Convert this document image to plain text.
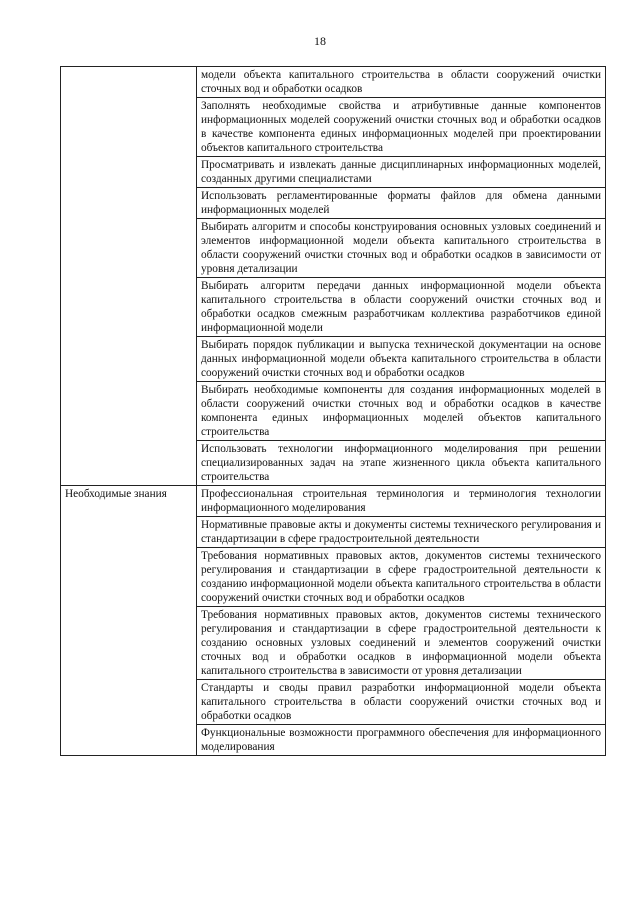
18
	модели объекта капитального строительства в области сооружений очистки сточных вод и обработки осадков
	Заполнять необходимые свойства и атрибутивные данные компонентов информационных моделей сооружений очистки сточных вод и обработки осадков в качестве компонента единых информационных моделей при проектировании объектов капитального строительства
	Просматривать и извлекать данные дисциплинарных информационных моделей, созданных другими специалистами
	Использовать регламентированные форматы файлов для обмена данными информационных моделей
	Выбирать алгоритм и способы конструирования основных узловых соединений и элементов информационной модели объекта капитального строительства в области сооружений очистки сточных вод и обработки осадков в зависимости от уровня детализации
	Выбирать алгоритм передачи данных информационной модели объекта капитального строительства в области сооружений очистки сточных вод и обработки осадков смежным разработчикам коллектива разработчиков единой информационной модели
	Выбирать порядок публикации и выпуска технической документации на основе данных информационной модели объекта капитального строительства в области сооружений очистки сточных вод и обработки осадков
	Выбирать необходимые компоненты для создания информационных моделей в области сооружений очистки сточных вод и обработки осадков в качестве компонента единых информационных моделей объектов капитального строительства
	Использовать технологии информационного моделирования при решении специализированных задач на этапе жизненного цикла объекта капитального строительства
Необходимые знания	Профессиональная строительная терминология и терминология технологии информационного моделирования
	Нормативные правовые акты и документы системы технического регулирования и стандартизации в сфере градостроительной деятельности
	Требования нормативных правовых актов, документов системы технического регулирования и стандартизации в сфере градостроительной деятельности к созданию информационной модели объекта капитального строительства в области сооружений очистки сточных вод и обработки осадков
	Требования нормативных правовых актов, документов системы технического регулирования и стандартизации в сфере градостроительной деятельности к созданию основных узловых соединений и элементов сооружений очистки сточных вод и обработки осадков в информационной модели объекта капитального строительства в зависимости от уровня детализации
	Стандарты и своды правил разработки информационной модели объекта капитального строительства в области сооружений очистки сточных вод и обработки осадков
	Функциональные возможности программного обеспечения для информационного моделирования
